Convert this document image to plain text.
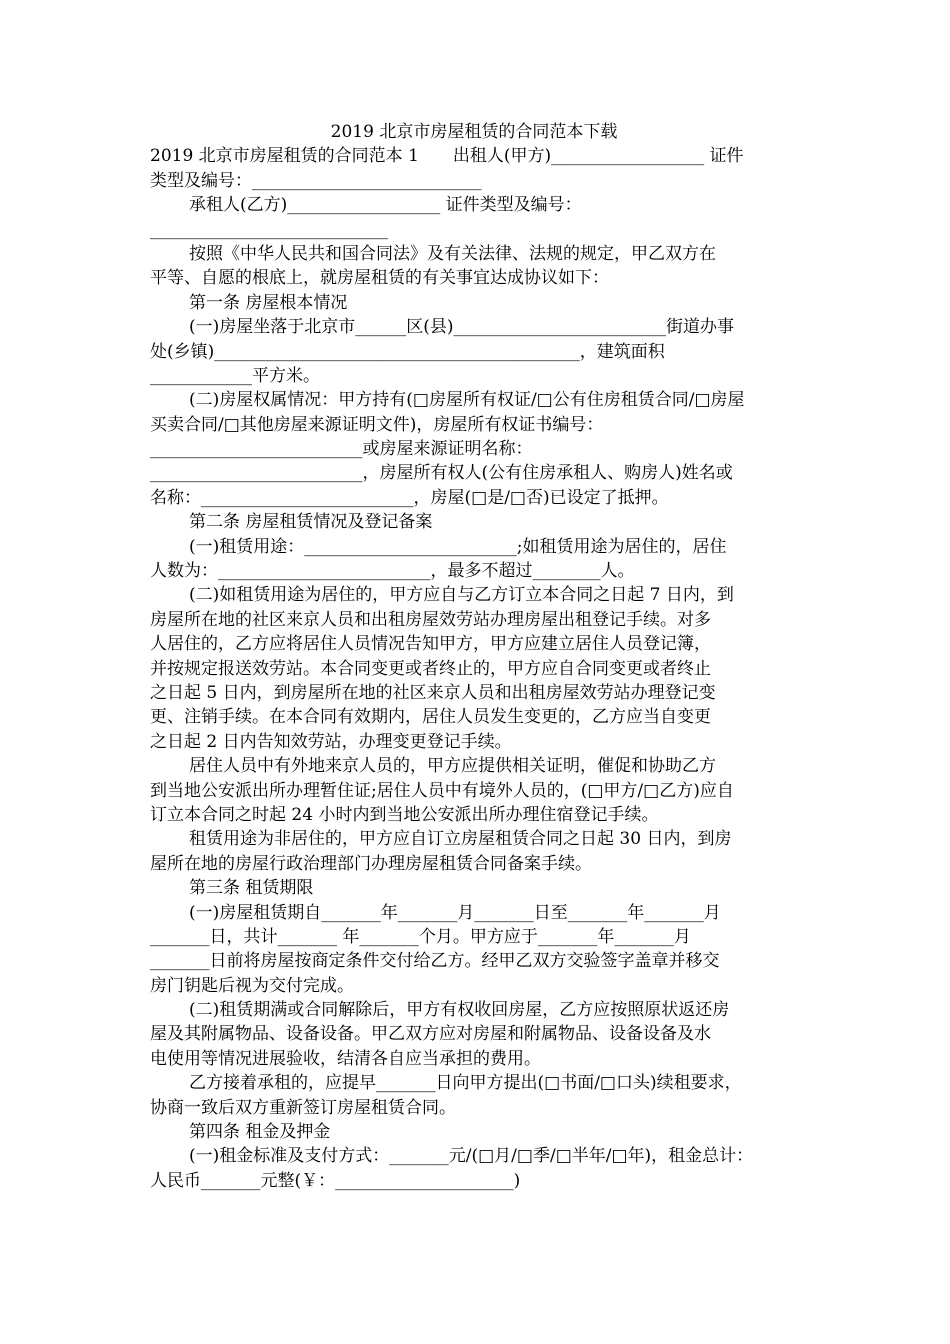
2019 北京市房屋租赁的合同范本下载
2019 北京市房屋租赁的合同范本 1　　出租人(甲方)__________________ 证件
类型及编号：___________________________
承租人(乙方)__________________ 证件类型及编号：
____________________________
按照《中华人民共和国合同法》及有关法律、法规的规定，甲乙双方在
平等、自愿的根底上，就房屋租赁的有关事宜达成协议如下：
第一条 房屋根本情况
(一)房屋坐落于北京市______区(县)_________________________街道办事
处(乡镇)___________________________________________，建筑面积
____________平方米。
(二)房屋权属情况：甲方持有(□房屋所有权证/□公有住房租赁合同/□房屋
买卖合同/□其他房屋来源证明文件)，房屋所有权证书编号：
_________________________或房屋来源证明名称：
_________________________，房屋所有权人(公有住房承租人、购房人)姓名或
名称：_________________________，房屋(□是/□否)已设定了抵押。
第二条 房屋租赁情况及登记备案
(一)租赁用途：_________________________;如租赁用途为居住的，居住
人数为：_________________________，最多不超过________人。
(二)如租赁用途为居住的，甲方应自与乙方订立本合同之日起 7 日内，到
房屋所在地的社区来京人员和出租房屋效劳站办理房屋出租登记手续。对多
人居住的，乙方应将居住人员情况告知甲方，甲方应建立居住人员登记簿，
并按规定报送效劳站。本合同变更或者终止的，甲方应自合同变更或者终止
之日起 5 日内，到房屋所在地的社区来京人员和出租房屋效劳站办理登记变
更、注销手续。在本合同有效期内，居住人员发生变更的，乙方应当自变更
之日起 2 日内告知效劳站，办理变更登记手续。
居住人员中有外地来京人员的，甲方应提供相关证明，催促和协助乙方
到当地公安派出所办理暂住证;居住人员中有境外人员的，(□甲方/□乙方)应自
订立本合同之时起 24 小时内到当地公安派出所办理住宿登记手续。
租赁用途为非居住的，甲方应自订立房屋租赁合同之日起 30 日内，到房
屋所在地的房屋行政治理部门办理房屋租赁合同备案手续。
第三条 租赁期限
(一)房屋租赁期自_______年_______月_______日至_______年_______月
_______日，共计_______ 年_______个月。甲方应于_______年_______月
_______日前将房屋按商定条件交付给乙方。经甲乙双方交验签字盖章并移交
房门钥匙后视为交付完成。
(二)租赁期满或合同解除后，甲方有权收回房屋，乙方应按照原状返还房
屋及其附属物品、设备设备。甲乙双方应对房屋和附属物品、设备设备及水
电使用等情况进展验收，结清各自应当承担的费用。
乙方接着承租的，应提早_______日向甲方提出(□书面/□口头)续租要求，
协商一致后双方重新签订房屋租赁合同。
第四条 租金及押金
(一)租金标准及支付方式：_______元/(□月/□季/□半年/□年)，租金总计：
人民币_______元整(￥：_____________________)
